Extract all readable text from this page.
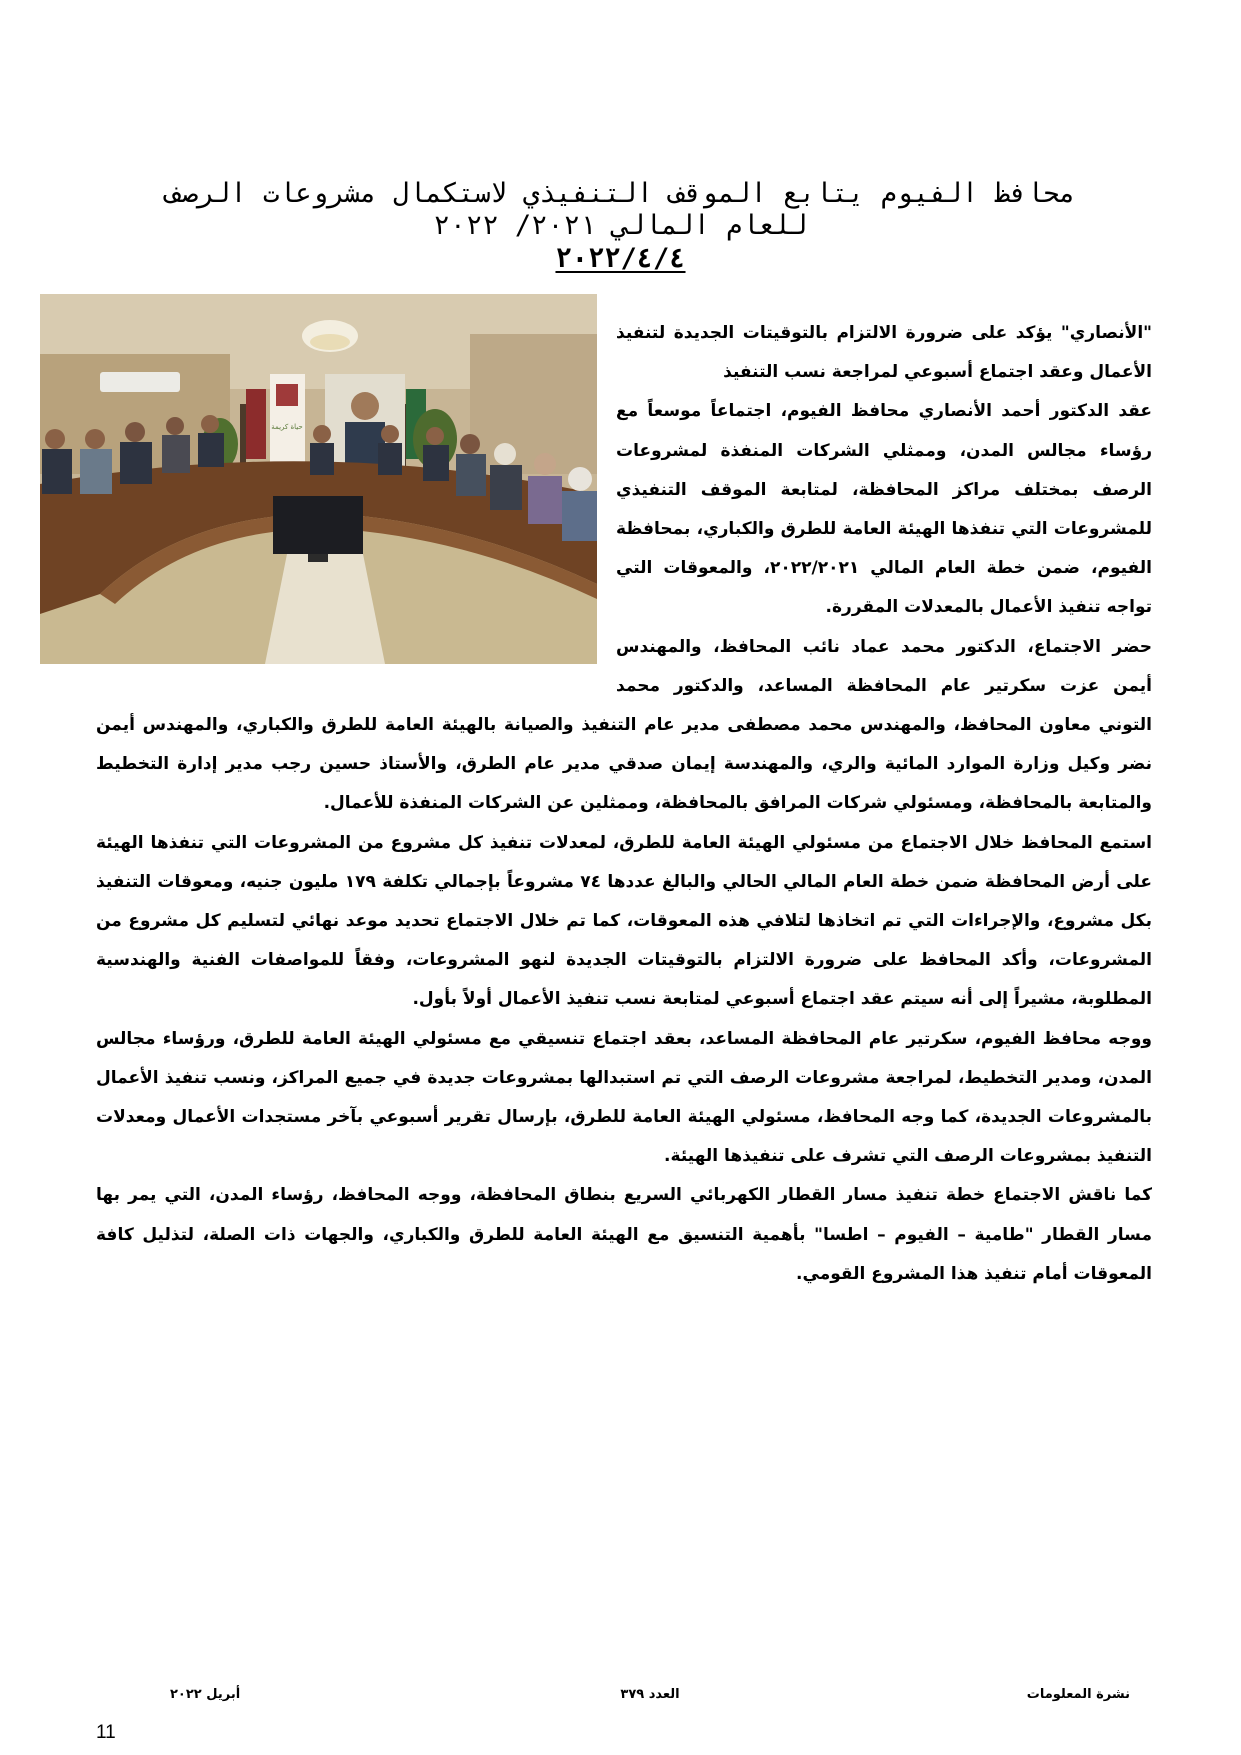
محافظ الفيوم يتابع الموقف التنفيذي لاستكمال مشروعات الرصف
للعام المالي ٢٠٢١/ ٢٠٢٢
٢٠٢٢/٤/٤
حياة كريمة

"الأنصاري" يؤكد على ضرورة الالتزام بالتوقيتات الجديدة لتنفيذ الأعمال وعقد اجتماع أسبوعي لمراجعة نسب التنفيذ

عقد الدكتور أحمد الأنصاري محافظ الفيوم، اجتماعاً موسعاً مع رؤساء مجالس المدن، وممثلي الشركات المنفذة لمشروعات الرصف بمختلف مراكز المحافظة، لمتابعة الموقف التنفيذي للمشروعات التي تنفذها الهيئة العامة للطرق والكباري، بمحافظة الفيوم، ضمن خطة العام المالي ٢٠٢٢/٢٠٢١، والمعوقات التي تواجه تنفيذ الأعمال بالمعدلات المقررة.

حضر الاجتماع، الدكتور محمد عماد نائب المحافظ، والمهندس أيمن عزت سكرتير عام المحافظة المساعد، والدكتور محمد التوني معاون المحافظ، والمهندس محمد مصطفى مدير عام التنفيذ والصيانة بالهيئة العامة للطرق والكباري، والمهندس أيمن نضر وكيل وزارة الموارد المائية والري، والمهندسة إيمان صدقي مدير عام الطرق، والأستاذ حسين رجب مدير إدارة التخطيط والمتابعة بالمحافظة، ومسئولي شركات المرافق بالمحافظة، وممثلين عن الشركات المنفذة للأعمال.

استمع المحافظ خلال الاجتماع من مسئولي الهيئة العامة للطرق، لمعدلات تنفيذ كل مشروع من المشروعات التي تنفذها الهيئة على أرض المحافظة ضمن خطة العام المالي الحالي والبالغ عددها ٧٤ مشروعاً بإجمالي تكلفة ١٧٩ مليون جنيه، ومعوقات التنفيذ بكل مشروع، والإجراءات التي تم اتخاذها لتلافي هذه المعوقات، كما تم خلال الاجتماع تحديد موعد نهائي لتسليم كل مشروع من المشروعات، وأكد المحافظ على ضرورة الالتزام بالتوقيتات الجديدة لنهو المشروعات، وفقاً للمواصفات الفنية والهندسية المطلوبة، مشيراً إلى أنه سيتم عقد اجتماع أسبوعي لمتابعة نسب تنفيذ الأعمال أولاً بأول.

ووجه محافظ الفيوم، سكرتير عام المحافظة المساعد، بعقد اجتماع تنسيقي مع مسئولي الهيئة العامة للطرق، ورؤساء مجالس المدن، ومدير التخطيط، لمراجعة مشروعات الرصف التي تم استبدالها بمشروعات جديدة في جميع المراكز، ونسب تنفيذ الأعمال بالمشروعات الجديدة، كما وجه المحافظ، مسئولي الهيئة العامة للطرق، بإرسال تقرير أسبوعي بآخر مستجدات الأعمال ومعدلات التنفيذ بمشروعات الرصف التي تشرف على تنفيذها الهيئة.

كما ناقش الاجتماع خطة تنفيذ مسار القطار الكهربائي السريع بنطاق المحافظة، ووجه المحافظ، رؤساء المدن، التي يمر بها مسار القطار "طامية – الفيوم – اطسا" بأهمية التنسيق مع الهيئة العامة للطرق والكباري، والجهات ذات الصلة، لتذليل كافة المعوقات أمام تنفيذ هذا المشروع القومي.

نشرة المعلومات
العدد ٣٧٩
أبريل ٢٠٢٢
11
